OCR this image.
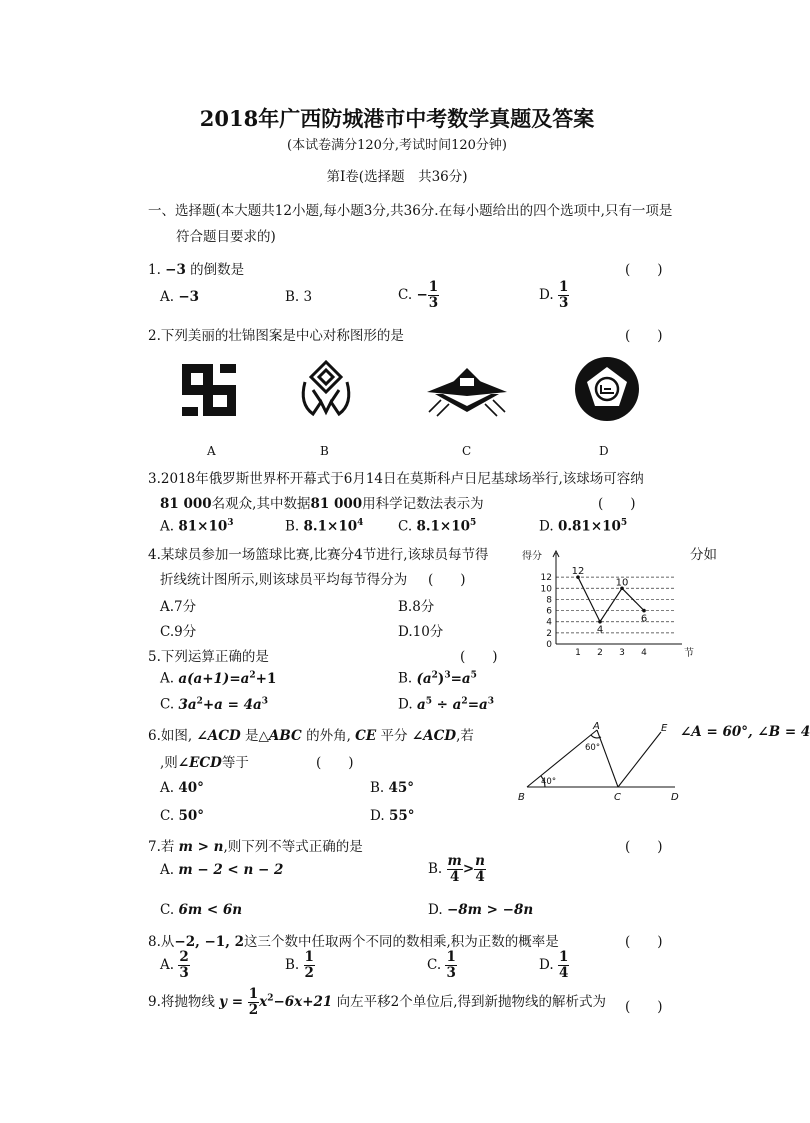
2018年广西防城港市中考数学真题及答案
(本试卷满分120分,考试时间120分钟)
第Ⅰ卷(选择题　共36分)
一、选择题(本大题共12小题,每小题3分,共36分.在每小题给出的四个选项中,只有一项是
符合题目要求的)
1. −3 的倒数是	(　　)
A. −3	B. 3	C. − $\frac{1}{3}$	D. $\frac{1}{3}$
2.下列美丽的壮锦图案是中心对称图形的是	(　　)
A	B	C	D
3.2018年俄罗斯世界杯开幕式于6月14日在莫斯科卢日尼基球场举行,该球场可容纳
81 000名观众,其中数据81 000用科学记数法表示为	(　　)
A. $81\times 10^3$	B. $8.1\times 10^4$	C. $8.1\times 10^5$	D. $0.81\times 10^5$
4.某球员参加一场篮球比赛,比赛分4节进行,该球员每节得	分如
折线统计图所示,则该球员平均每节得分为 (　　)
A.7分	B.8分
C.9分	D.10分
0
2
4
6
8
10
12
得分
节
1 2 3 4
12
4
10
6
5.下列运算正确的是	(　　)
A. $a(a+1)=a^2+1$	B. $(a^2)^3=a^5$
C. $3a^2+a = 4a^3$	D. $a^5 \div a^2=a^3$
6.如图, ∠ACD 是△ABC 的外角, CE 平分 ∠ACD,若	∠A = 60°, ∠B = 4
,则∠ECD等于	(　　)
A. 40°	B. 45°
C. 50°	D. 55°
A
B	C	D
E
60°
40°
7.若 m > n,则下列不等式正确的是	(　　)
A. m − 2 < n − 2	B. $\frac{m}{4} > \frac{n}{4}$
C. 6m < 6n	D. −8m > −8n
8.从−2, −1, 2这三个数中任取两个不同的数相乘,积为正数的概率是	(　　)
A. $\frac{2}{3}$	B. $\frac{1}{2}$	C. $\frac{1}{3}$	D. $\frac{1}{4}$
9.将抛物线 $y = \frac{1}{2} x^2-6x+21$ 向左平移2个单位后,得到新抛物线的解析式为 (　　)
